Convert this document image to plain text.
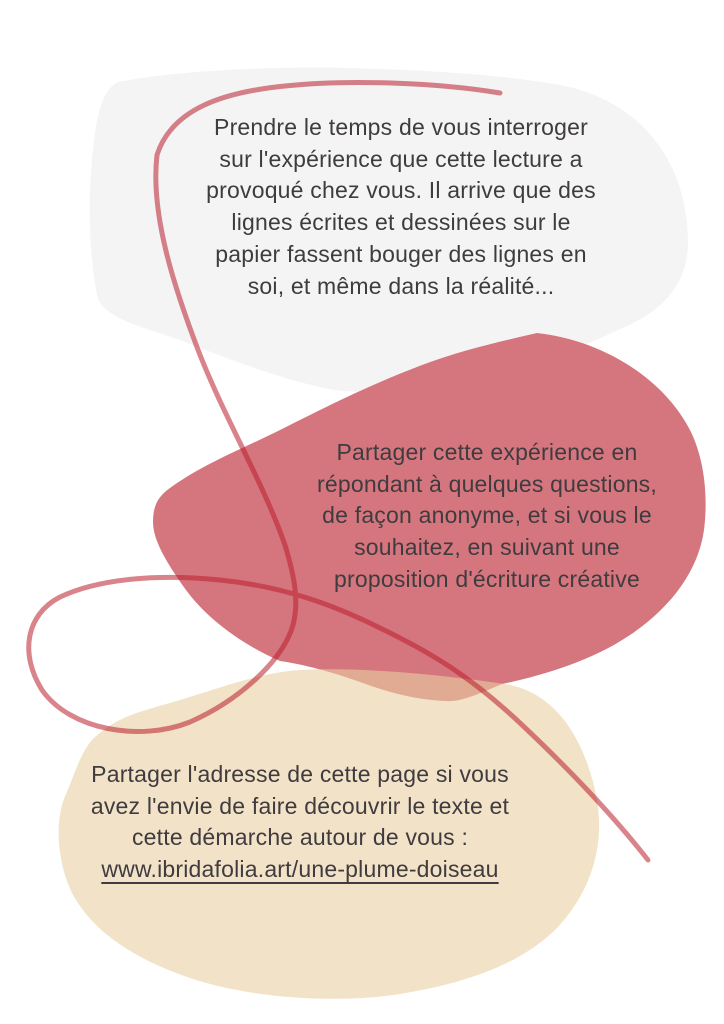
Prendre le temps de vous interroger
sur l'expérience que cette lecture a
provoqué chez vous. Il arrive que des
lignes écrites et dessinées sur le
papier fassent bouger des lignes en
soi, et même dans la réalité...
Partager cette expérience en
répondant à quelques questions,
de façon anonyme, et si vous le
souhaitez, en suivant une
proposition d'écriture créative
Partager l'adresse de cette page si vous
avez l'envie de faire découvrir le texte et
cette démarche autour de vous :
www.ibridafolia.art/une-plume-doiseau
